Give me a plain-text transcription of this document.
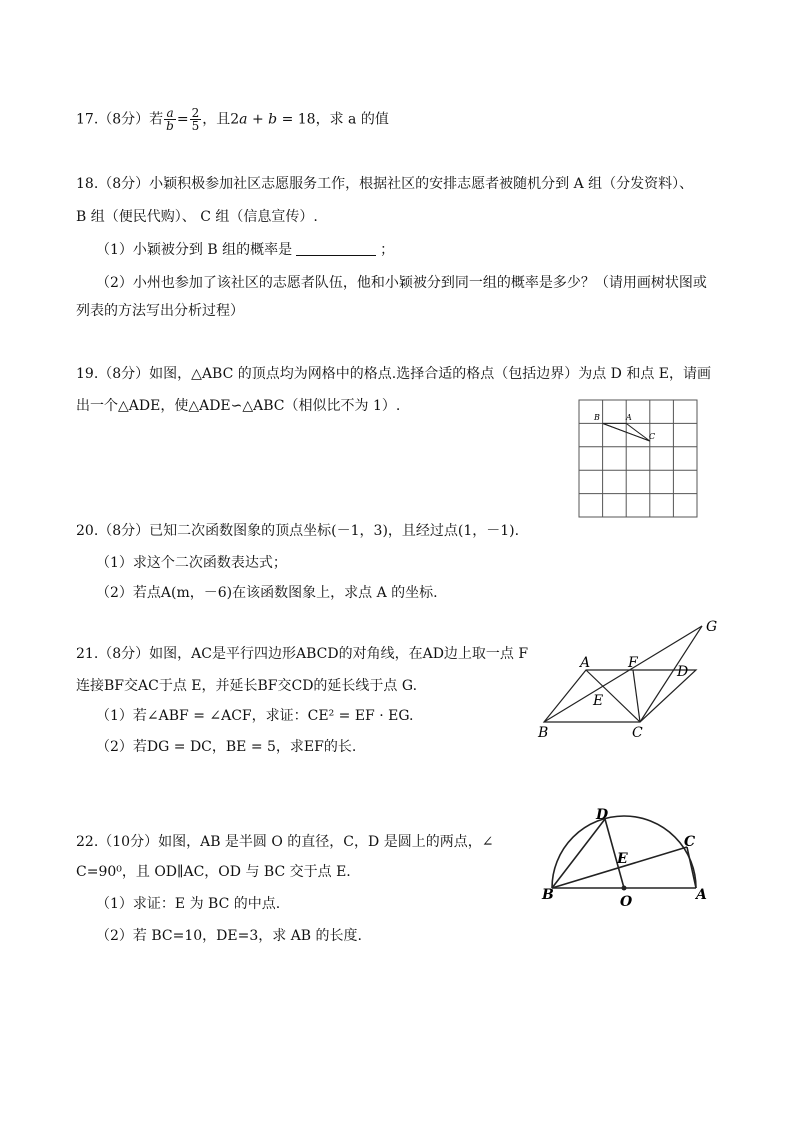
17.（8分）若 $\frac{a}{b} = \frac{2}{5}$ ，且2a + b = 18，求 a 的值
18.（8分）小颖积极参加社区志愿服务工作，根据社区的安排志愿者被随机分到 A 组（分发资料）、
B 组（便民代购）、 C 组（信息宣传）.
（1）小颖被分到 B 组的概率是	；
（2）小州也参加了该社区的志愿者队伍，他和小颖被分到同一组的概率是多少？（请用画树状图或
列表的方法写出分析过程）
19.（8分）如图，△ABC 的顶点均为网格中的格点.选择合适的格点（包括边界）为点 D 和点 E，请画
出一个△ADE，使△ADE∽△ABC（相似比不为 1）.
B	A
C
20.（8分）已知二次函数图象的顶点坐标(－1，3)，且经过点(1，－1).
（1）求这个二次函数表达式；
（2）若点A(m，－6)在该函数图象上，求点 A 的坐标.
21.（8分）如图，AC是平行四边形ABCD的对角线，在AD边上取一点 F
连接BF交AC于点 E，并延长BF交CD的延长线于点 G.
（1）若∠ABF = ∠ACF，求证：CE² = EF · EG.
（2）若DG = DC，BE = 5，求EF的长.
A	F
D
G
E
B	C
22.（10分）如图，AB 是半圆 O 的直径，C，D 是圆上的两点，∠
C=90⁰，且 OD∥AC，OD 与 BC 交于点 E.
（1）求证：E 为 BC 的中点.
（2）若 BC=10，DE=3，求 AB 的长度.
D
C
E
B	O	A
